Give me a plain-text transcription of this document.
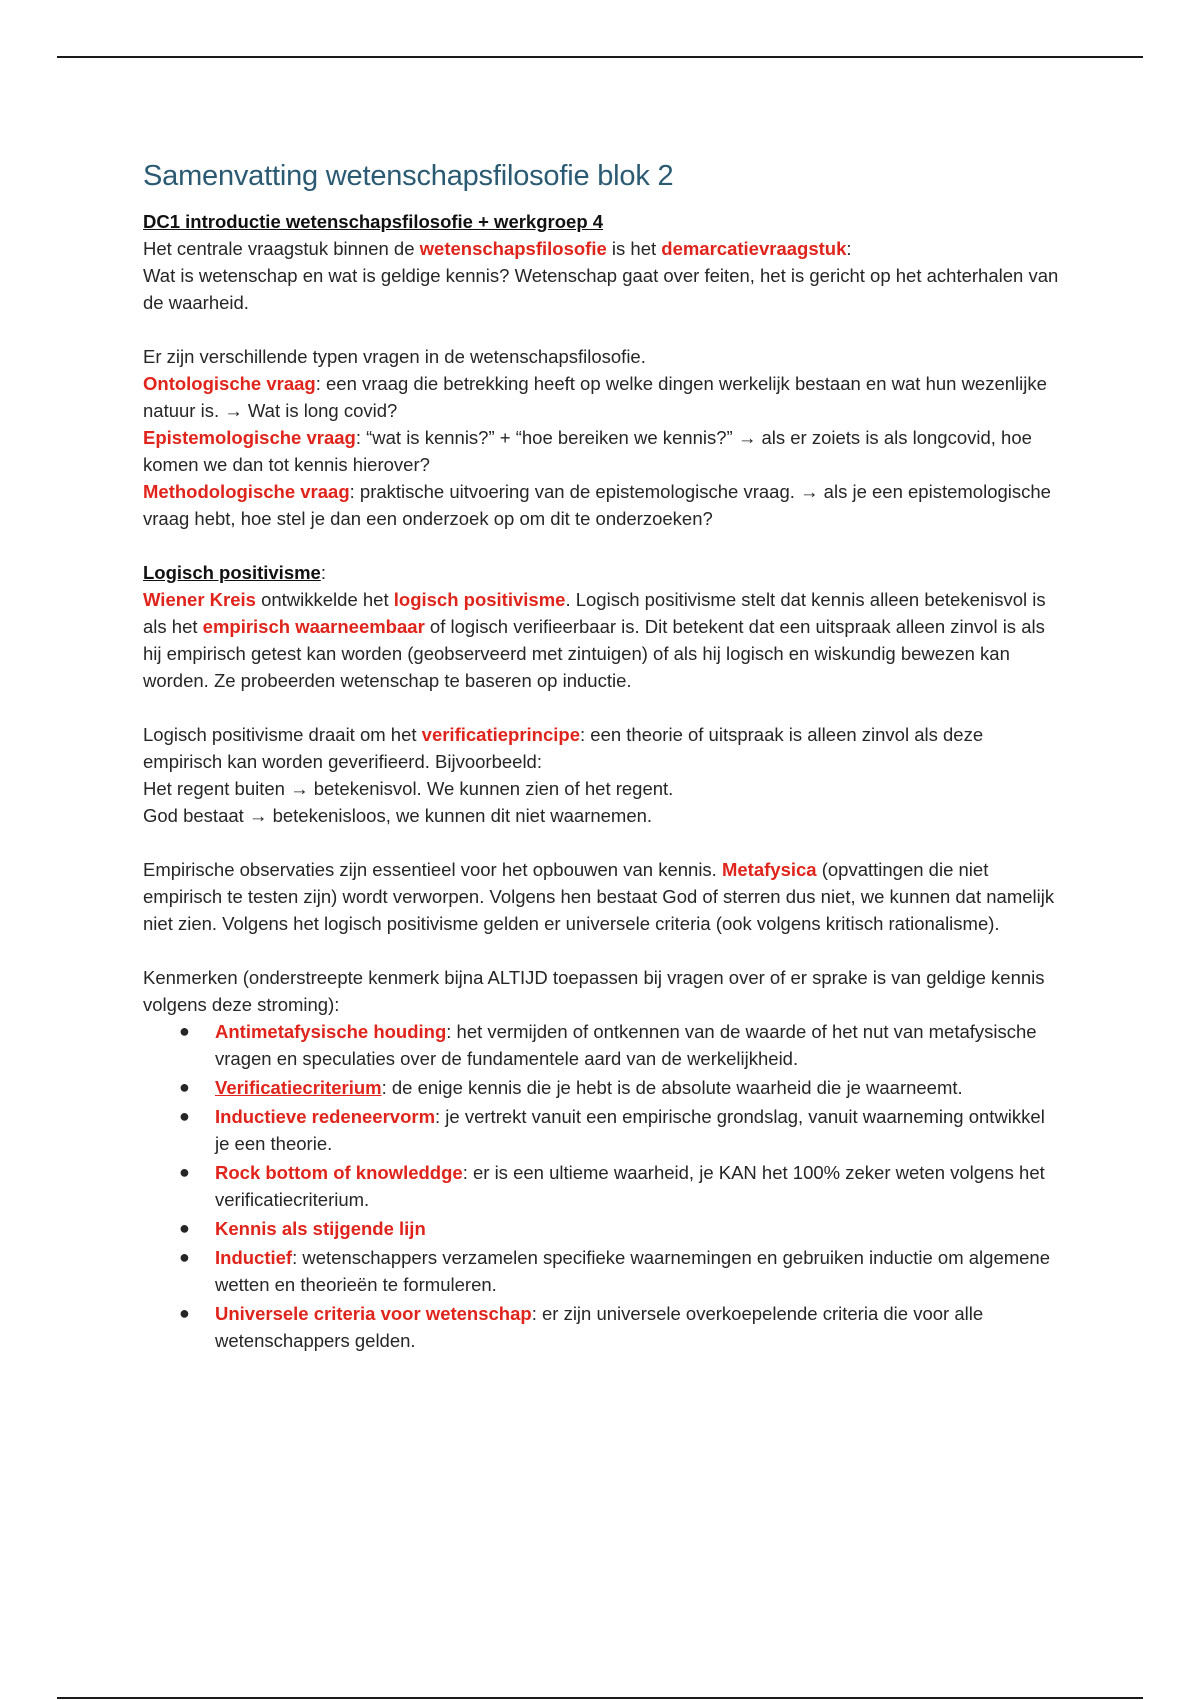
Samenvatting wetenschapsfilosofie blok 2

DC1 introductie wetenschapsfilosofie + werkgroep 4

Het centrale vraagstuk binnen de wetenschapsfilosofie is het demarcatievraagstuk:

Wat is wetenschap en wat is geldige kennis? Wetenschap gaat over feiten, het is gericht op het achterhalen van de waarheid.

Er zijn verschillende typen vragen in de wetenschapsfilosofie.

Ontologische vraag: een vraag die betrekking heeft op welke dingen werkelijk bestaan en wat hun wezenlijke natuur is. → Wat is long covid?

Epistemologische vraag: “wat is kennis?” + “hoe bereiken we kennis?” → als er zoiets is als longcovid, hoe komen we dan tot kennis hierover?

Methodologische vraag: praktische uitvoering van de epistemologische vraag. → als je een epistemologische vraag hebt, hoe stel je dan een onderzoek op om dit te onderzoeken?

Logisch positivisme:

Wiener Kreis ontwikkelde het logisch positivisme. Logisch positivisme stelt dat kennis alleen betekenisvol is als het empirisch waarneembaar of logisch verifieerbaar is. Dit betekent dat een uitspraak alleen zinvol is als hij empirisch getest kan worden (geobserveerd met zintuigen) of als hij logisch en wiskundig bewezen kan worden. Ze probeerden wetenschap te baseren op inductie.

Logisch positivisme draait om het verificatieprincipe: een theorie of uitspraak is alleen zinvol als deze empirisch kan worden geverifieerd. Bijvoorbeeld:

Het regent buiten → betekenisvol. We kunnen zien of het regent.

God bestaat → betekenisloos, we kunnen dit niet waarnemen.

Empirische observaties zijn essentieel voor het opbouwen van kennis. Metafysica (opvattingen die niet empirisch te testen zijn) wordt verworpen. Volgens hen bestaat God of sterren dus niet, we kunnen dat namelijk niet zien. Volgens het logisch positivisme gelden er universele criteria (ook volgens kritisch rationalisme).

Kenmerken (onderstreepte kenmerk bijna ALTIJD toepassen bij vragen over of er sprake is van geldige kennis volgens deze stroming):

● Antimetafysische houding: het vermijden of ontkennen van de waarde of het nut van metafysische vragen en speculaties over de fundamentele aard van de werkelijkheid.
● Verificatiecriterium: de enige kennis die je hebt is de absolute waarheid die je waarneemt.
● Inductieve redeneervorm: je vertrekt vanuit een empirische grondslag, vanuit waarneming ontwikkel je een theorie.
● Rock bottom of knowleddge: er is een ultieme waarheid, je KAN het 100% zeker weten volgens het verificatiecriterium.
● Kennis als stijgende lijn
● Inductief: wetenschappers verzamelen specifieke waarnemingen en gebruiken inductie om algemene wetten en theorieën te formuleren.
● Universele criteria voor wetenschap: er zijn universele overkoepelende criteria die voor alle wetenschappers gelden.
